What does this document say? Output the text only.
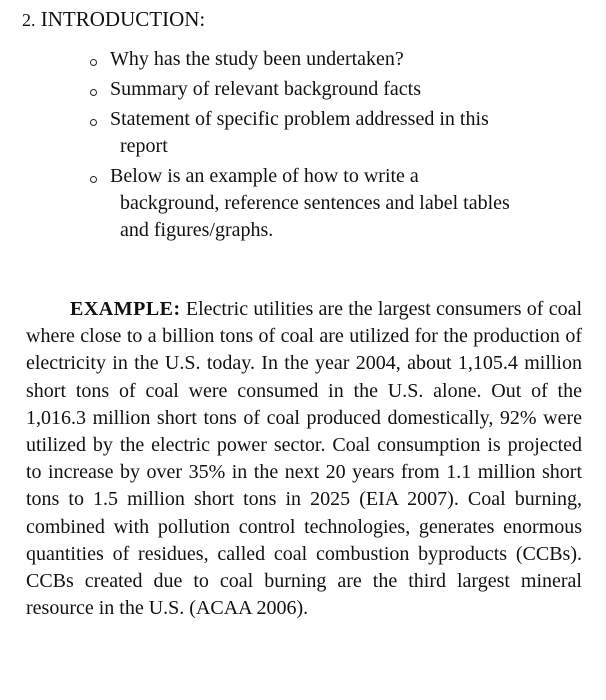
2. INTRODUCTION:
Why has the study been undertaken?
Summary of relevant background facts
Statement of specific problem addressed in this
report
Below is an example of how to write a
background, reference sentences and label tables
and figures/graphs.

EXAMPLE: Electric utilities are the largest consumers of coal where close to a billion tons of coal are utilized for the production of electricity in the U.S. today. In the year 2004, about 1,105.4 million short tons of coal were consumed in the U.S. alone. Out of the 1,016.3 million short tons of coal produced domestically, 92% were utilized by the electric power sector. Coal consumption is projected to increase by over 35% in the next 20 years from 1.1 million short tons to 1.5 million short tons in 2025 (EIA 2007). Coal burning, combined with pollution control technologies, generates enormous quantities of residues, called coal combustion byproducts (CCBs). CCBs created due to coal burning are the third largest mineral resource in the U.S. (ACAA 2006).
